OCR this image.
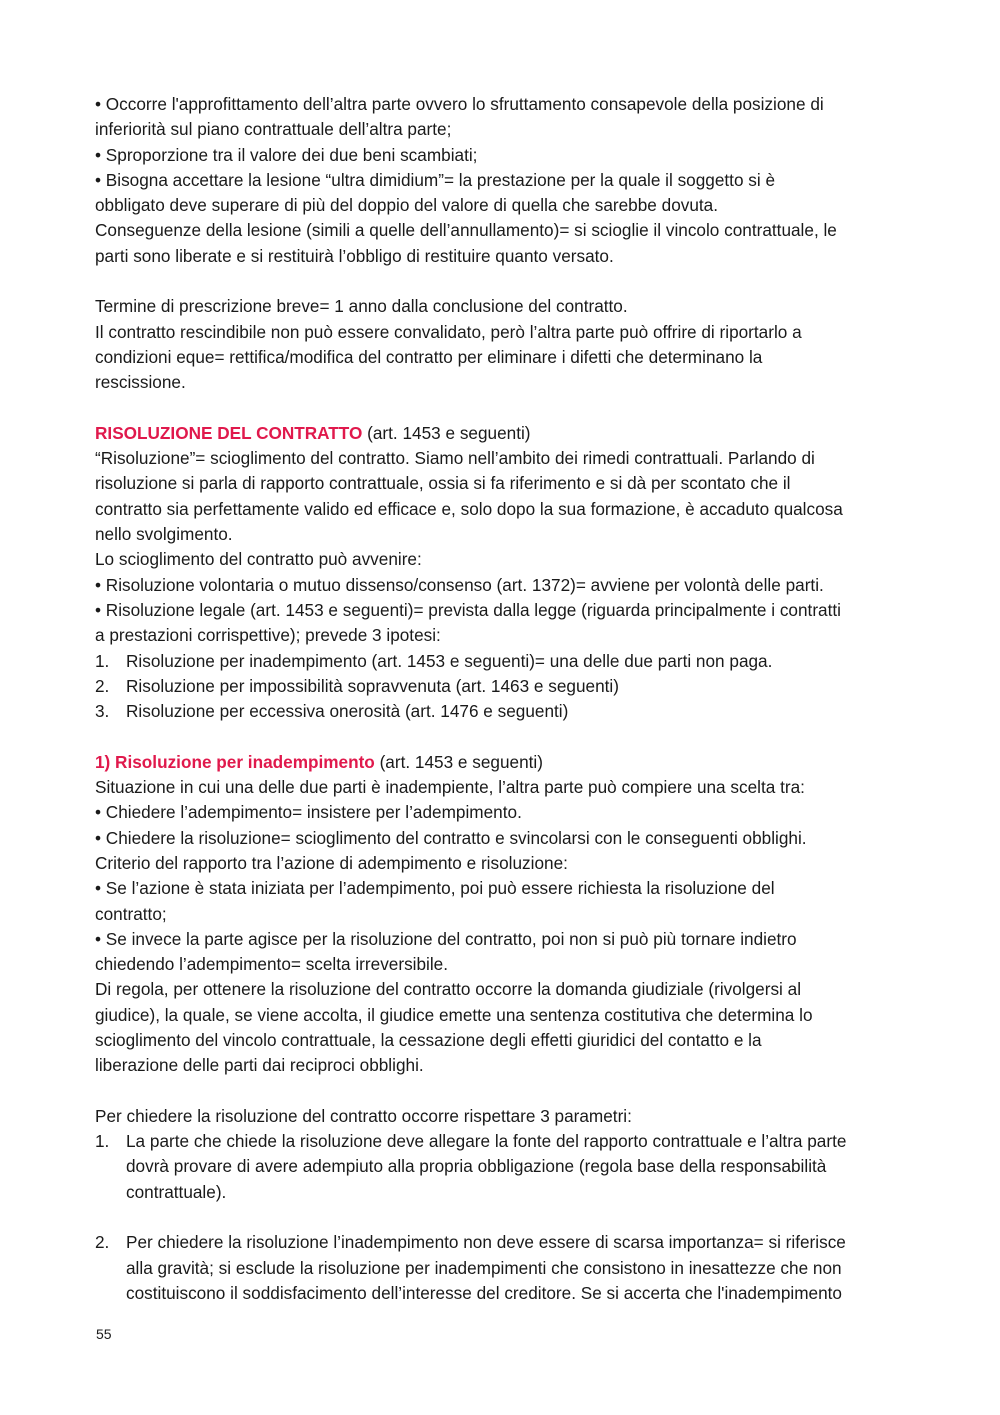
• Occorre l'approfittamento dell’altra parte ovvero lo sfruttamento consapevole della posizione di
inferiorità sul piano contrattuale dell’altra parte;
• Sproporzione tra il valore dei due beni scambiati;
• Bisogna accettare la lesione “ultra dimidium”= la prestazione per la quale il soggetto si è
obbligato deve superare di più del doppio del valore di quella che sarebbe dovuta.
Conseguenze della lesione (simili a quelle dell’annullamento)= si scioglie il vincolo contrattuale, le
parti sono liberate e si restituirà l’obbligo di restituire quanto versato.
Termine di prescrizione breve= 1 anno dalla conclusione del contratto.
Il contratto rescindibile non può essere convalidato, però l’altra parte può offrire di riportarlo a
condizioni eque= rettifica/modifica del contratto per eliminare i difetti che determinano la
rescissione.
RISOLUZIONE DEL CONTRATTO (art. 1453 e seguenti)
“Risoluzione”= scioglimento del contratto. Siamo nell’ambito dei rimedi contrattuali. Parlando di
risoluzione si parla di rapporto contrattuale, ossia si fa riferimento e si dà per scontato che il
contratto sia perfettamente valido ed efficace e, solo dopo la sua formazione, è accaduto qualcosa
nello svolgimento.
Lo scioglimento del contratto può avvenire:
• Risoluzione volontaria o mutuo dissenso/consenso (art. 1372)= avviene per volontà delle parti.
• Risoluzione legale (art. 1453 e seguenti)= prevista dalla legge (riguarda principalmente i contratti
a prestazioni corrispettive); prevede 3 ipotesi:
1. Risoluzione per inadempimento (art. 1453 e seguenti)= una delle due parti non paga.
2. Risoluzione per impossibilità sopravvenuta (art. 1463 e seguenti)
3. Risoluzione per eccessiva onerosità (art. 1476 e seguenti)
1) Risoluzione per inadempimento (art. 1453 e seguenti)
Situazione in cui una delle due parti è inadempiente, l’altra parte può compiere una scelta tra:
• Chiedere l’adempimento= insistere per l’adempimento.
• Chiedere la risoluzione= scioglimento del contratto e svincolarsi con le conseguenti obblighi.
Criterio del rapporto tra l’azione di adempimento e risoluzione:
• Se l’azione è stata iniziata per l’adempimento, poi può essere richiesta la risoluzione del
contratto;
• Se invece la parte agisce per la risoluzione del contratto, poi non si può più tornare indietro
chiedendo l’adempimento= scelta irreversibile.
Di regola, per ottenere la risoluzione del contratto occorre la domanda giudiziale (rivolgersi al
giudice), la quale, se viene accolta, il giudice emette una sentenza costitutiva che determina lo
scioglimento del vincolo contrattuale, la cessazione degli effetti giuridici del contatto e la
liberazione delle parti dai reciproci obblighi.
Per chiedere la risoluzione del contratto occorre rispettare 3 parametri:
1. La parte che chiede la risoluzione deve allegare la fonte del rapporto contrattuale e l’altra parte
dovrà provare di avere adempiuto alla propria obbligazione (regola base della responsabilità
contrattuale).
2. Per chiedere la risoluzione l’inadempimento non deve essere di scarsa importanza= si riferisce
alla gravità; si esclude la risoluzione per inadempimenti che consistono in inesattezze che non
costituiscono il soddisfacimento dell’interesse del creditore. Se si accerta che l'inadempimento
55
